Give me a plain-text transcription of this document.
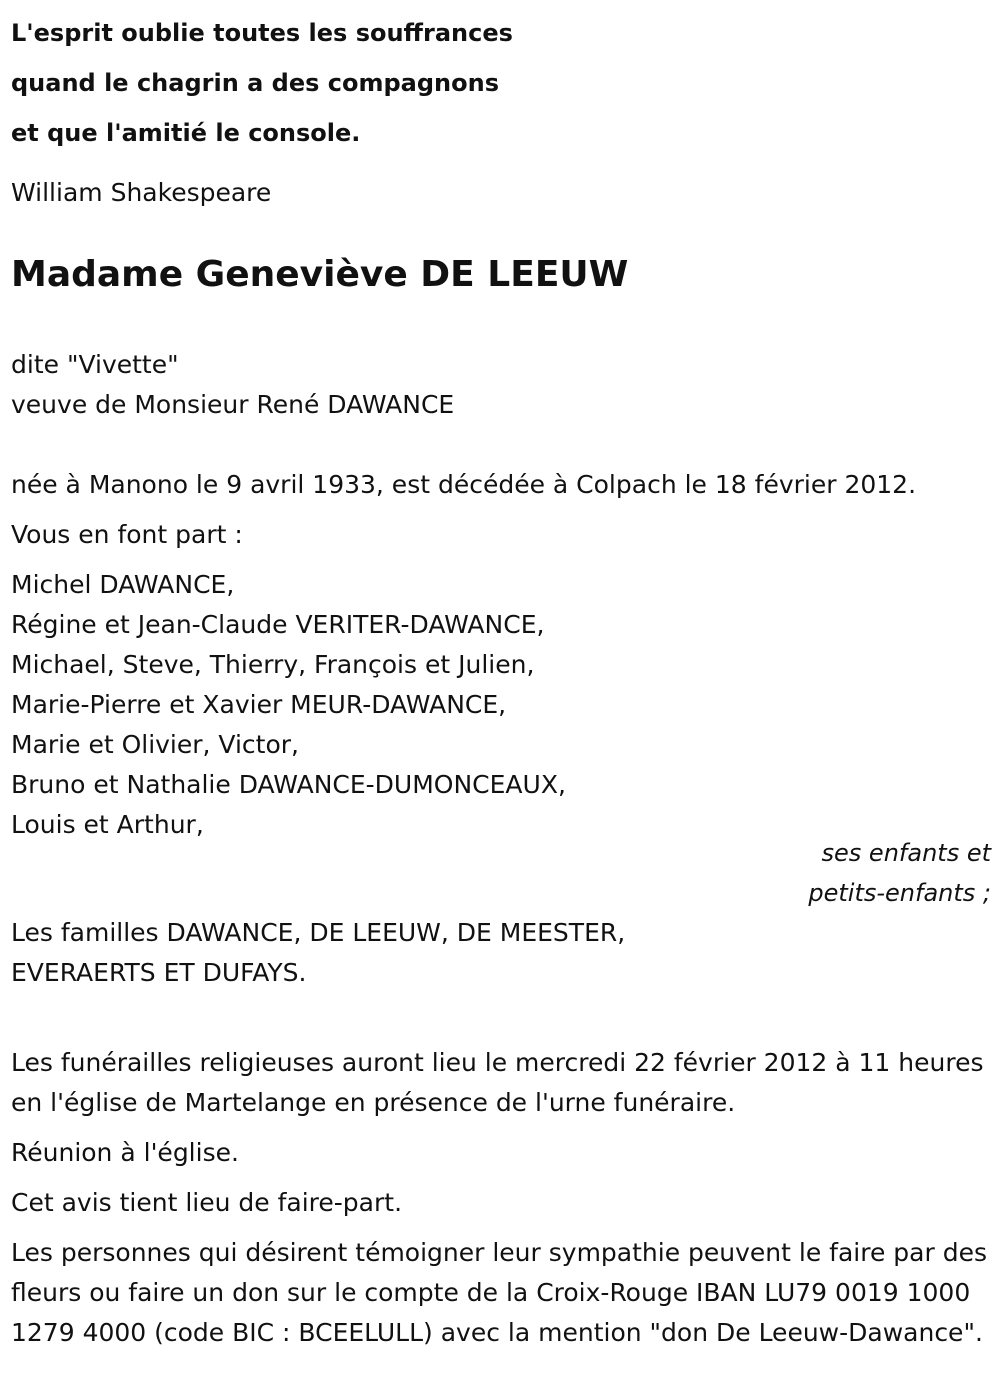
L'esprit oublie toutes les souffrances
quand le chagrin a des compagnons
et que l'amitié le console.
William Shakespeare
Madame Geneviève DE LEEUW
dite "Vivette"
veuve de Monsieur René DAWANCE
née à Manono le 9 avril 1933, est décédée à Colpach le 18 février 2012.
Vous en font part :
Michel DAWANCE,
Régine et Jean-Claude VERITER-DAWANCE,
Michael, Steve, Thierry, François et Julien,
Marie-Pierre et Xavier MEUR-DAWANCE,
Marie et Olivier, Victor,
Bruno et Nathalie DAWANCE-DUMONCEAUX,
Louis et Arthur,
ses enfants et
petits-enfants ;
Les familles DAWANCE, DE LEEUW, DE MEESTER,
EVERAERTS ET DUFAYS.
Les funérailles religieuses auront lieu le mercredi 22 février 2012 à 11 heures en l'église de Martelange en présence de l'urne funéraire.
Réunion à l'église.
Cet avis tient lieu de faire-part.
Les personnes qui désirent témoigner leur sympathie peuvent le faire par des fleurs ou faire un don sur le compte de la Croix-Rouge IBAN LU79 0019 1000 1279 4000 (code BIC : BCEELULL) avec la mention "don De Leeuw-Dawance".
